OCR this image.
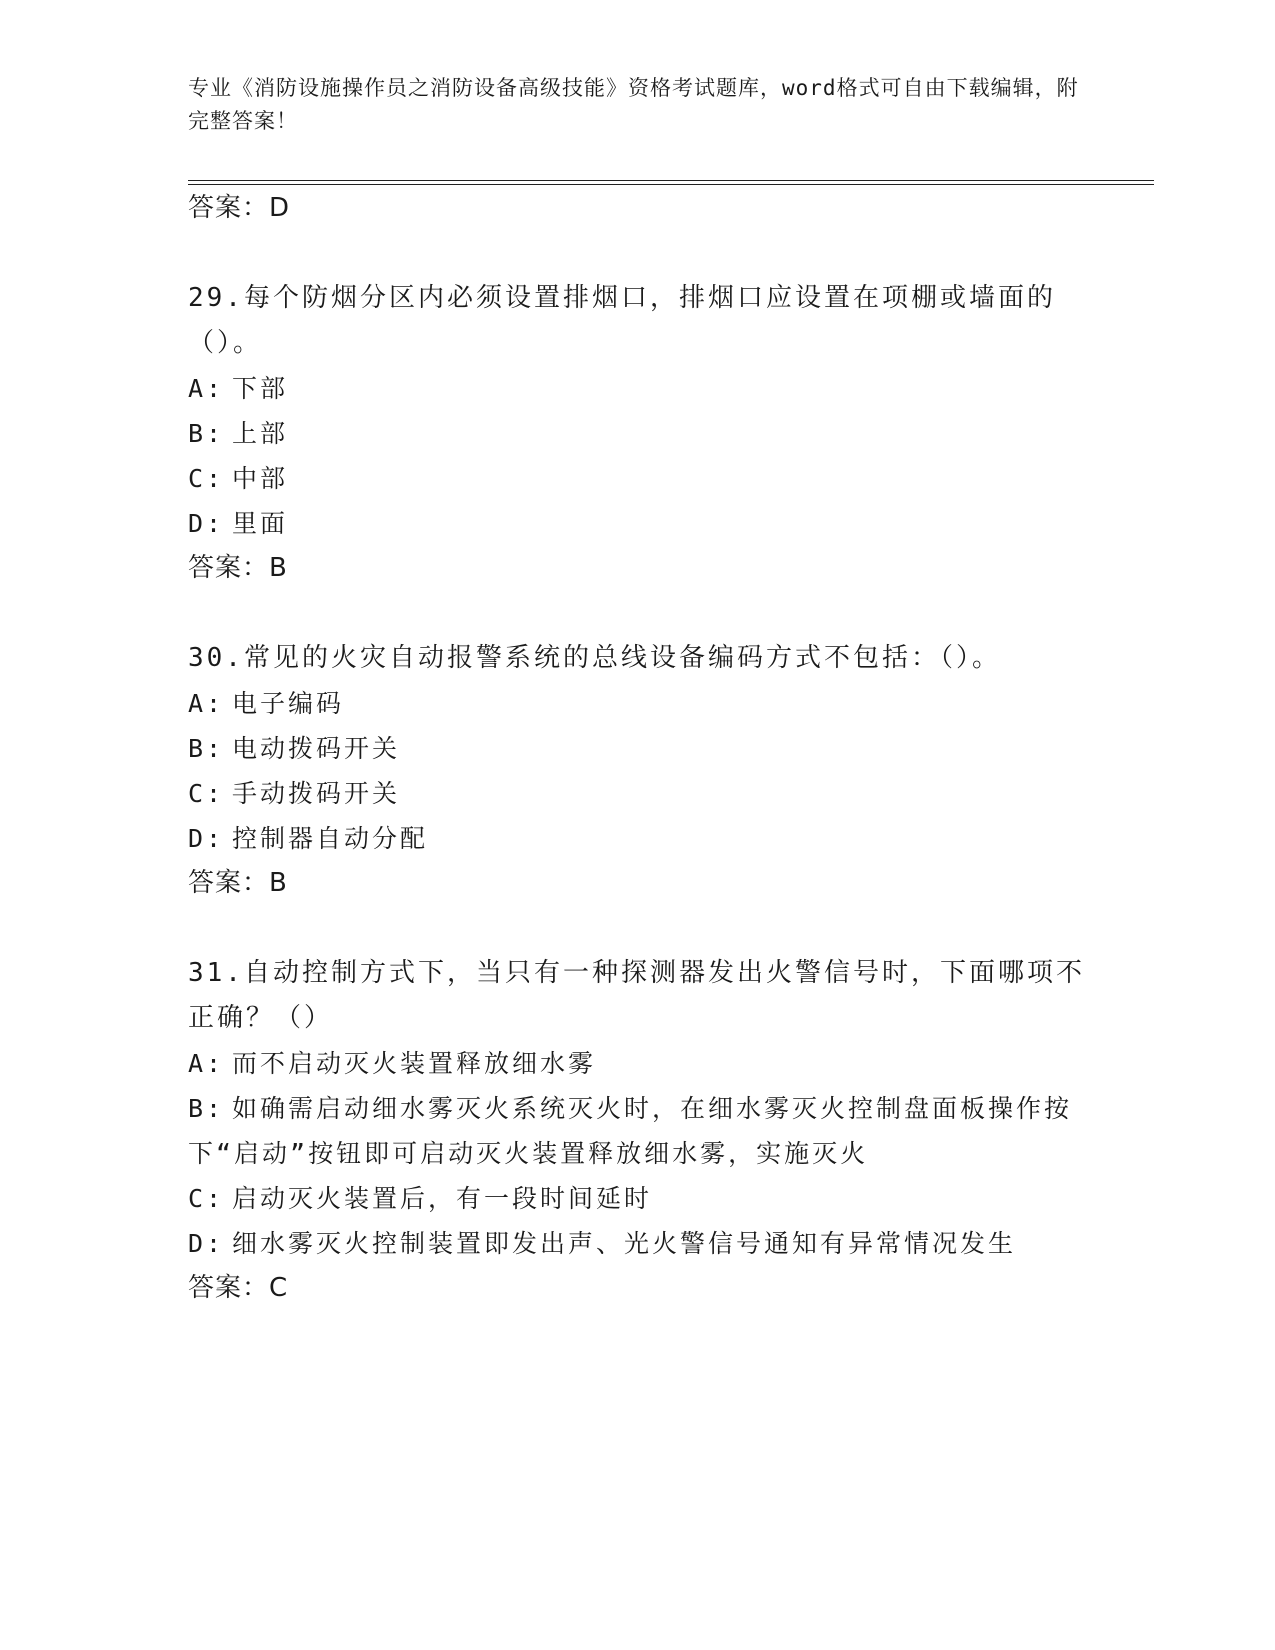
专业《消防设施操作员之消防设备高级技能》资格考试题库，word格式可自由下载编辑，附完整答案！
答案：D
29.每个防烟分区内必须设置排烟口，排烟口应设置在项棚或墙面的（）。
A: 下部
B: 上部
C: 中部
D: 里面
答案：B
30.常见的火灾自动报警系统的总线设备编码方式不包括：（）。
A: 电子编码
B: 电动拨码开关
C: 手动拨码开关
D: 控制器自动分配
答案：B
31.自动控制方式下，当只有一种探测器发出火警信号时，下面哪项不正确？（）
A: 而不启动灭火装置释放细水雾
B: 如确需启动细水雾灭火系统灭火时，在细水雾灭火控制盘面板操作按下“启动”按钮即可启动灭火装置释放细水雾，实施灭火
C: 启动灭火装置后，有一段时间延时
D: 细水雾灭火控制装置即发出声、光火警信号通知有异常情况发生
答案：C
